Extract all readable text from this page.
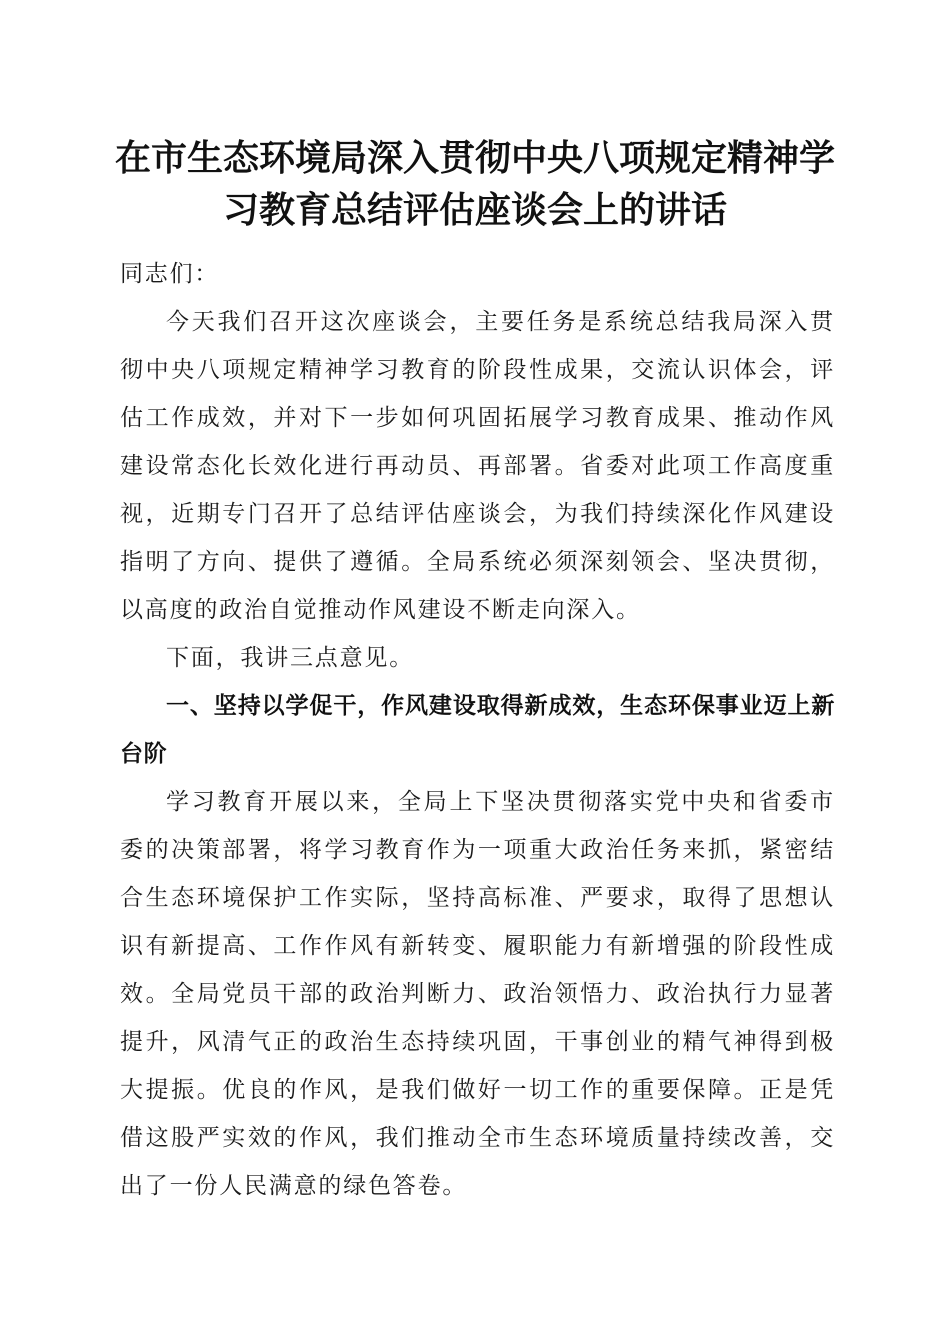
在市生态环境局深入贯彻中央八项规定精神学
习教育总结评估座谈会上的讲话

同志们：

今天我们召开这次座谈会，主要任务是系统总结我局深入贯彻中央八项规定精神学习教育的阶段性成果，交流认识体会，评估工作成效，并对下一步如何巩固拓展学习教育成果、推动作风建设常态化长效化进行再动员、再部署。省委对此项工作高度重视，近期专门召开了总结评估座谈会，为我们持续深化作风建设指明了方向、提供了遵循。全局系统必须深刻领会、坚决贯彻，以高度的政治自觉推动作风建设不断走向深入。

下面，我讲三点意见。

一、坚持以学促干，作风建设取得新成效，生态环保事业迈上新台阶

学习教育开展以来，全局上下坚决贯彻落实党中央和省委市委的决策部署，将学习教育作为一项重大政治任务来抓，紧密结合生态环境保护工作实际，坚持高标准、严要求，取得了思想认识有新提高、工作作风有新转变、履职能力有新增强的阶段性成效。全局党员干部的政治判断力、政治领悟力、政治执行力显著提升，风清气正的政治生态持续巩固，干事创业的精气神得到极大提振。优良的作风，是我们做好一切工作的重要保障。正是凭借这股严实效的作风，我们推动全市生态环境质量持续改善，交出了一份人民满意的绿色答卷。
